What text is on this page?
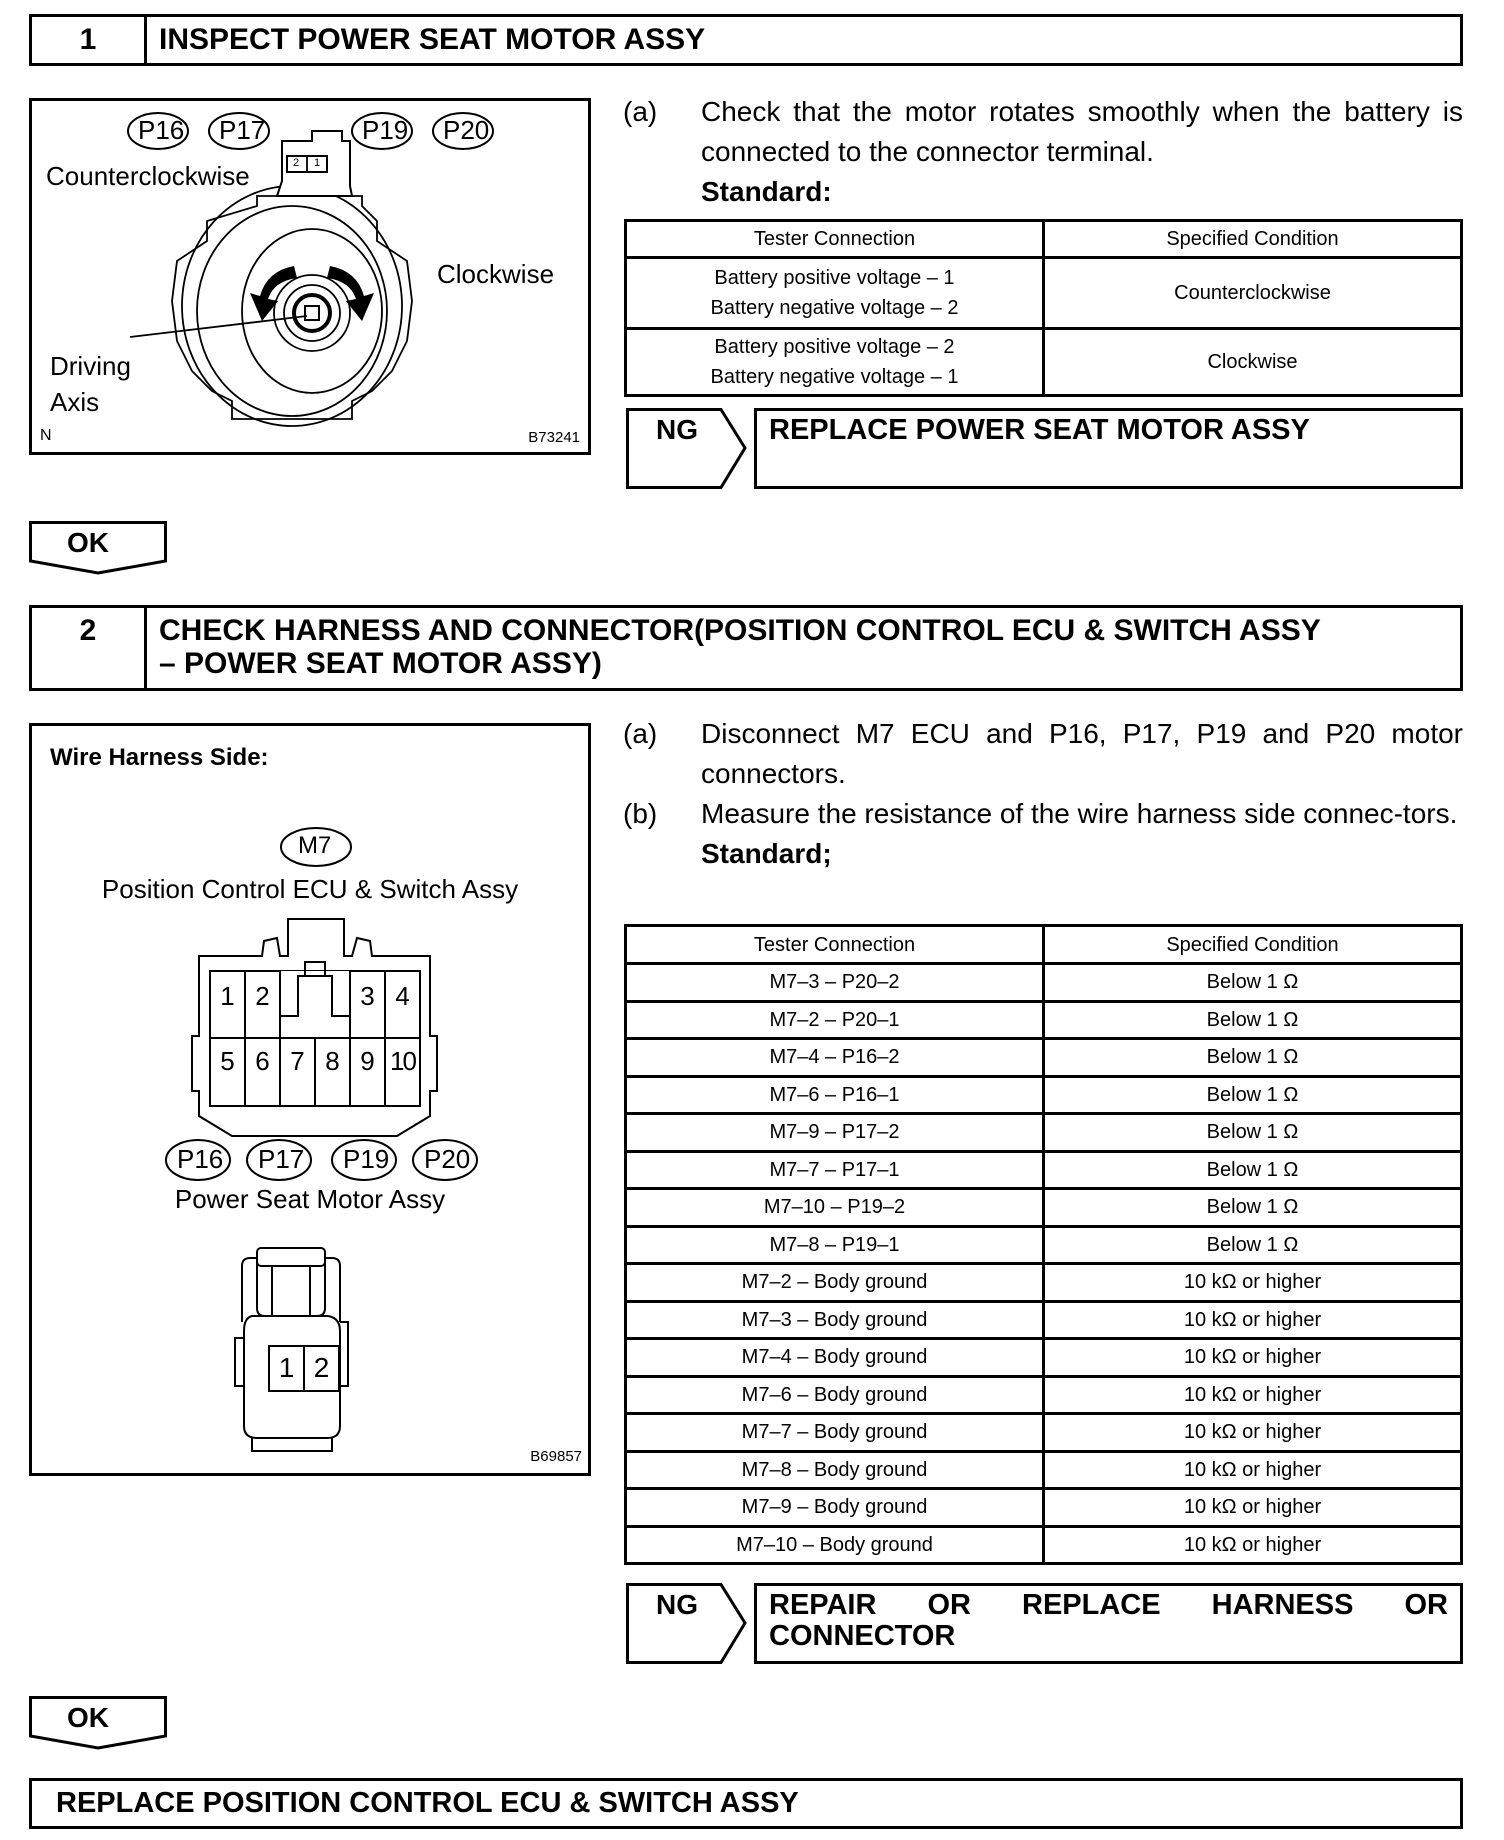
1	INSPECT POWER SEAT MOTOR ASSY
P16 P17	P19 P20
2	1
Counterclockwise
Clockwise
Driving
Axis
N	B73241
(a) Check that the motor rotates smoothly when the battery is connected to the connector terminal.
Standard:
Tester Connection	Specified Condition

Battery positive voltage – 1
Battery negative voltage – 2	Counterclockwise

Battery positive voltage – 2
Battery negative voltage – 1	Clockwise
NG	REPLACE POWER SEAT MOTOR ASSY
OK
2	CHECK HARNESS AND CONNECTOR(POSITION CONTROL ECU & SWITCH ASSY
– POWER SEAT MOTOR ASSY)
Wire Harness Side:
M7
Position Control ECU & Switch Assy
1 2	3 4
5 6 7 8 9 10
P16 P17 P19 P20
Power Seat Motor Assy
1 2
B69857
(a) Disconnect M7 ECU and P16, P17, P19 and P20 motor connectors.
(b) Measure the resistance of the wire harness side connec-tors.
Standard;
Tester Connection	Specified Condition
M7–3 – P20–2	Below 1 Ω
M7–2 – P20–1	Below 1 Ω
M7–4 – P16–2	Below 1 Ω
M7–6 – P16–1	Below 1 Ω
M7–9 – P17–2	Below 1 Ω
M7–7 – P17–1	Below 1 Ω
M7–10 – P19–2	Below 1 Ω
M7–8 – P19–1	Below 1 Ω
M7–2 – Body ground	10 kΩ or higher
M7–3 – Body ground	10 kΩ or higher
M7–4 – Body ground	10 kΩ or higher
M7–6 – Body ground	10 kΩ or higher
M7–7 – Body ground	10 kΩ or higher
M7–8 – Body ground	10 kΩ or higher
M7–9 – Body ground	10 kΩ or higher
M7–10 – Body ground	10 kΩ or higher
NG	REPAIR OR REPLACE HARNESS OR CONNECTOR
OK
REPLACE POSITION CONTROL ECU & SWITCH ASSY
